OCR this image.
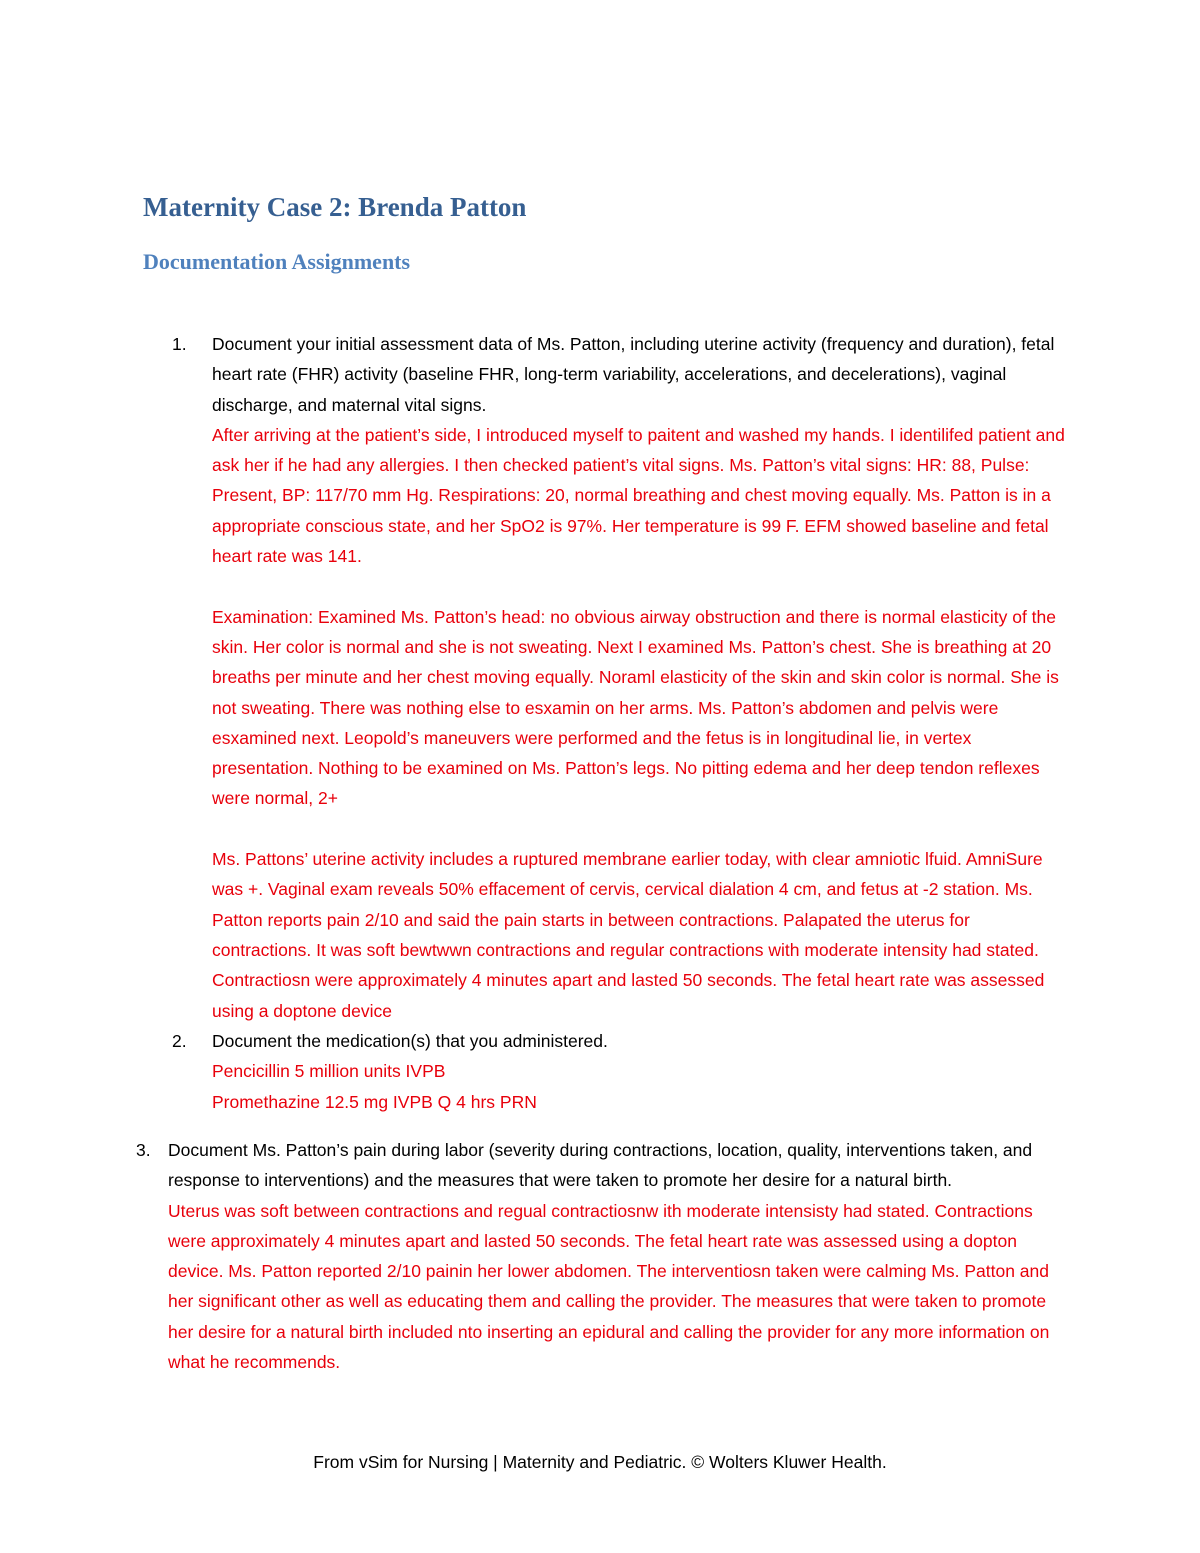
Maternity Case 2: Brenda Patton
Documentation Assignments
1. Document your initial assessment data of Ms. Patton, including uterine activity (frequency and duration), fetal heart rate (FHR) activity (baseline FHR, long-term variability, accelerations, and decelerations), vaginal discharge, and maternal vital signs.

After arriving at the patient’s side, I introduced myself to paitent and washed my hands. I identilifed patient and ask her if he had any allergies. I then checked patient’s vital signs. Ms. Patton’s vital signs: HR: 88, Pulse: Present, BP: 117/70 mm Hg. Respirations: 20, normal breathing and chest moving equally. Ms. Patton is in a appropriate conscious state, and her SpO2 is 97%. Her temperature is 99 F. EFM showed baseline and fetal heart rate was 141.

Examination: Examined Ms. Patton’s head: no obvious airway obstruction and there is normal elasticity of the skin. Her color is normal and she is not sweating. Next I examined Ms. Patton’s chest. She is breathing at 20 breaths per minute and her chest moving equally. Noraml elasticity of the skin and skin color is normal. She is not sweating. There was nothing else to esxamin on her arms. Ms. Patton’s abdomen and pelvis were esxamined next. Leopold’s maneuvers were performed and the fetus is in longitudinal lie, in vertex presentation. Nothing to be examined on Ms. Patton’s legs. No pitting edema and her deep tendon reflexes were normal, 2+

Ms. Pattons’ uterine activity includes a ruptured membrane earlier today, with clear amniotic lfuid. AmniSure was +. Vaginal exam reveals 50% effacement of cervis, cervical dialation 4 cm, and fetus at -2 station. Ms. Patton reports pain 2/10 and said the pain starts in between contractions. Palapated the uterus for contractions. It was soft bewtwwn contractions and regular contractions with moderate intensity had stated. Contractiosn were approximately 4 minutes apart and lasted 50 seconds. The fetal heart rate was assessed using a doptone device

2. Document the medication(s) that you administered.

Pencicillin 5 million units IVPB

Promethazine 12.5 mg IVPB Q 4 hrs PRN

3. Document Ms. Patton’s pain during labor (severity during contractions, location, quality, interventions taken, and response to interventions) and the measures that were taken to promote her desire for a natural birth.

Uterus was soft between contractions and regual contractiosnw ith moderate intensisty had stated. Contractions were approximately 4 minutes apart and lasted 50 seconds. The fetal heart rate was assessed using a dopton device. Ms. Patton reported 2/10 painin her lower abdomen. The interventiosn taken were calming Ms. Patton and her significant other as well as educating them and calling the provider. The measures that were taken to promote her desire for a natural birth included nto inserting an epidural and calling the provider for any more information on what he recommends.

From vSim for Nursing | Maternity and Pediatric. © Wolters Kluwer Health.
